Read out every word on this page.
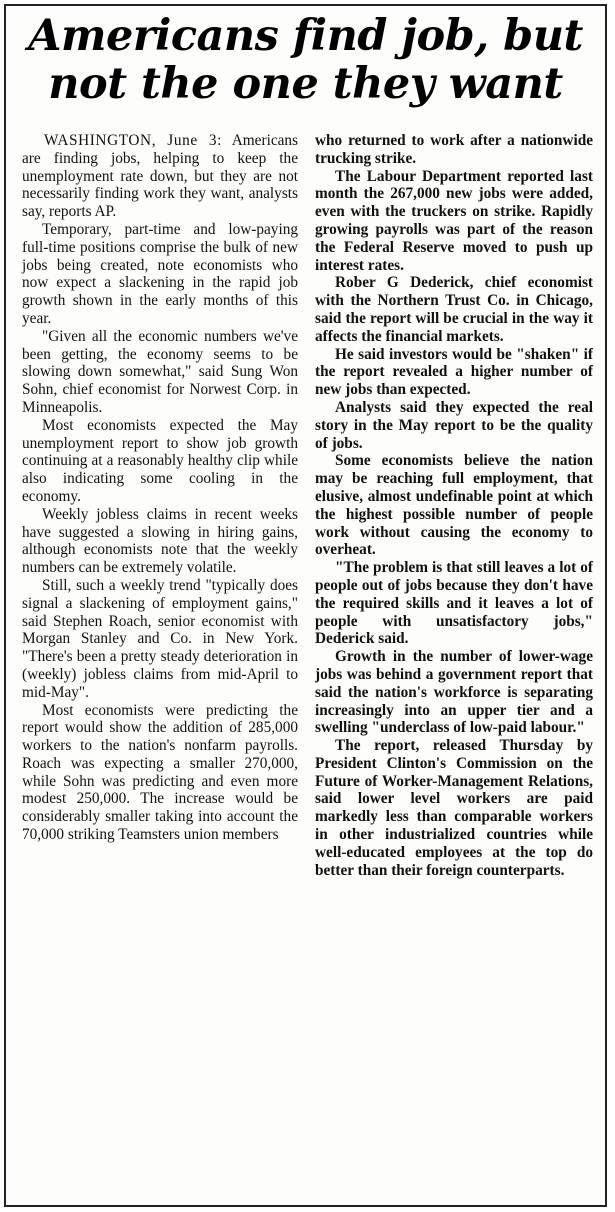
Americans find job, but
not the one they want

WASHINGTON, June 3: Americans are finding jobs, helping to keep the unemployment rate down, but they are not necessarily finding work they want, analysts say, reports AP.

Temporary, part-time and low-paying full-time positions comprise the bulk of new jobs being created, note economists who now expect a slackening in the rapid job growth shown in the early months of this year.

"Given all the economic numbers we've been getting, the economy seems to be slowing down somewhat," said Sung Won Sohn, chief economist for Norwest Corp. in Minneapolis.

Most economists expected the May unemployment report to show job growth continuing at a reasonably healthy clip while also indicating some cooling in the economy.

Weekly jobless claims in recent weeks have suggested a slowing in hiring gains, although economists note that the weekly numbers can be extremely volatile.

Still, such a weekly trend "typically does signal a slackening of employment gains," said Stephen Roach, senior economist with Morgan Stanley and Co. in New York. "There's been a pretty steady deterioration in (weekly) jobless claims from mid-April to mid-May".

Most economists were predicting the report would show the addition of 285,000 workers to the nation's nonfarm payrolls. Roach was expecting a smaller 270,000, while Sohn was predicting and even more modest 250,000. The increase would be considerably smaller taking into account the 70,000 striking Teamsters union members

who returned to work after a nationwide trucking strike.

The Labour Department reported last month the 267,000 new jobs were added, even with the truckers on strike. Rapidly growing payrolls was part of the reason the Federal Reserve moved to push up interest rates.

Rober G Dederick, chief economist with the Northern Trust Co. in Chicago, said the report will be crucial in the way it affects the financial markets.

He said investors would be "shaken" if the report revealed a higher number of new jobs than expected.

Analysts said they expected the real story in the May report to be the quality of jobs.

Some economists believe the nation may be reaching full employment, that elusive, almost undefinable point at which the highest possible number of people work without causing the economy to overheat.

"The problem is that still leaves a lot of people out of jobs because they don't have the required skills and it leaves a lot of people with unsatisfactory jobs," Dederick said.

Growth in the number of lower-wage jobs was behind a government report that said the nation's workforce is separating increasingly into an upper tier and a swelling "underclass of low-paid labour."

The report, released Thursday by President Clinton's Commission on the Future of Worker-Management Relations, said lower level workers are paid markedly less than comparable workers in other industrialized countries while well-educated employees at the top do better than their foreign counterparts.
